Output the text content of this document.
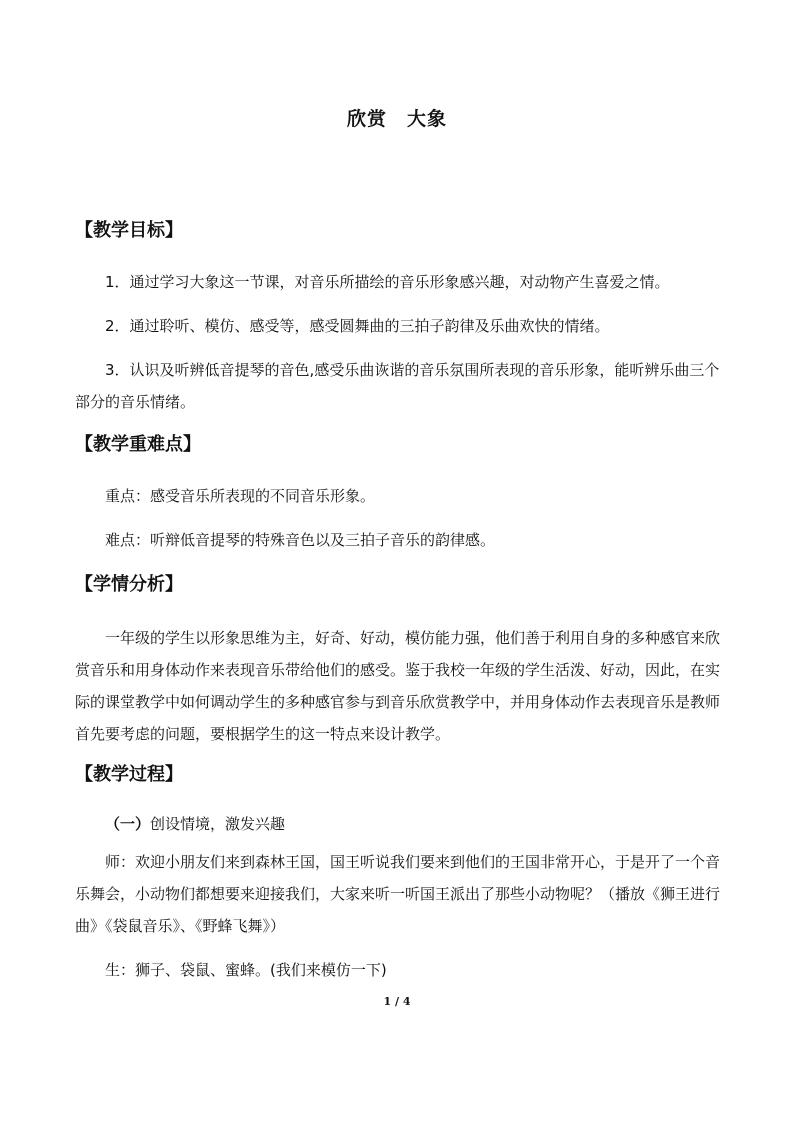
欣赏　大象
【教学目标】
1．通过学习大象这一节课，对音乐所描绘的音乐形象感兴趣，对动物产生喜爱之情。
2．通过聆听、模仿、感受等，感受圆舞曲的三拍子韵律及乐曲欢快的情绪。
3．认识及听辨低音提琴的音色,感受乐曲诙谐的音乐氛围所表现的音乐形象，能听辨乐曲三个部分的音乐情绪。
【教学重难点】
重点：感受音乐所表现的不同音乐形象。
难点：听辩低音提琴的特殊音色以及三拍子音乐的韵律感。
【学情分析】
一年级的学生以形象思维为主，好奇、好动，模仿能力强，他们善于利用自身的多种感官来欣赏音乐和用身体动作来表现音乐带给他们的感受。鉴于我校一年级的学生活泼、好动，因此，在实际的课堂教学中如何调动学生的多种感官参与到音乐欣赏教学中，并用身体动作去表现音乐是教师首先要考虑的问题，要根据学生的这一特点来设计教学。
【教学过程】
（一）创设情境，激发兴趣
师：欢迎小朋友们来到森林王国，国王听说我们要来到他们的王国非常开心，于是开了一个音乐舞会，小动物们都想要来迎接我们，大家来听一听国王派出了那些小动物呢？（播放《狮王进行曲》《袋鼠音乐》、《野蜂飞舞》）
生：狮子、袋鼠、蜜蜂。(我们来模仿一下)
1 / 4
